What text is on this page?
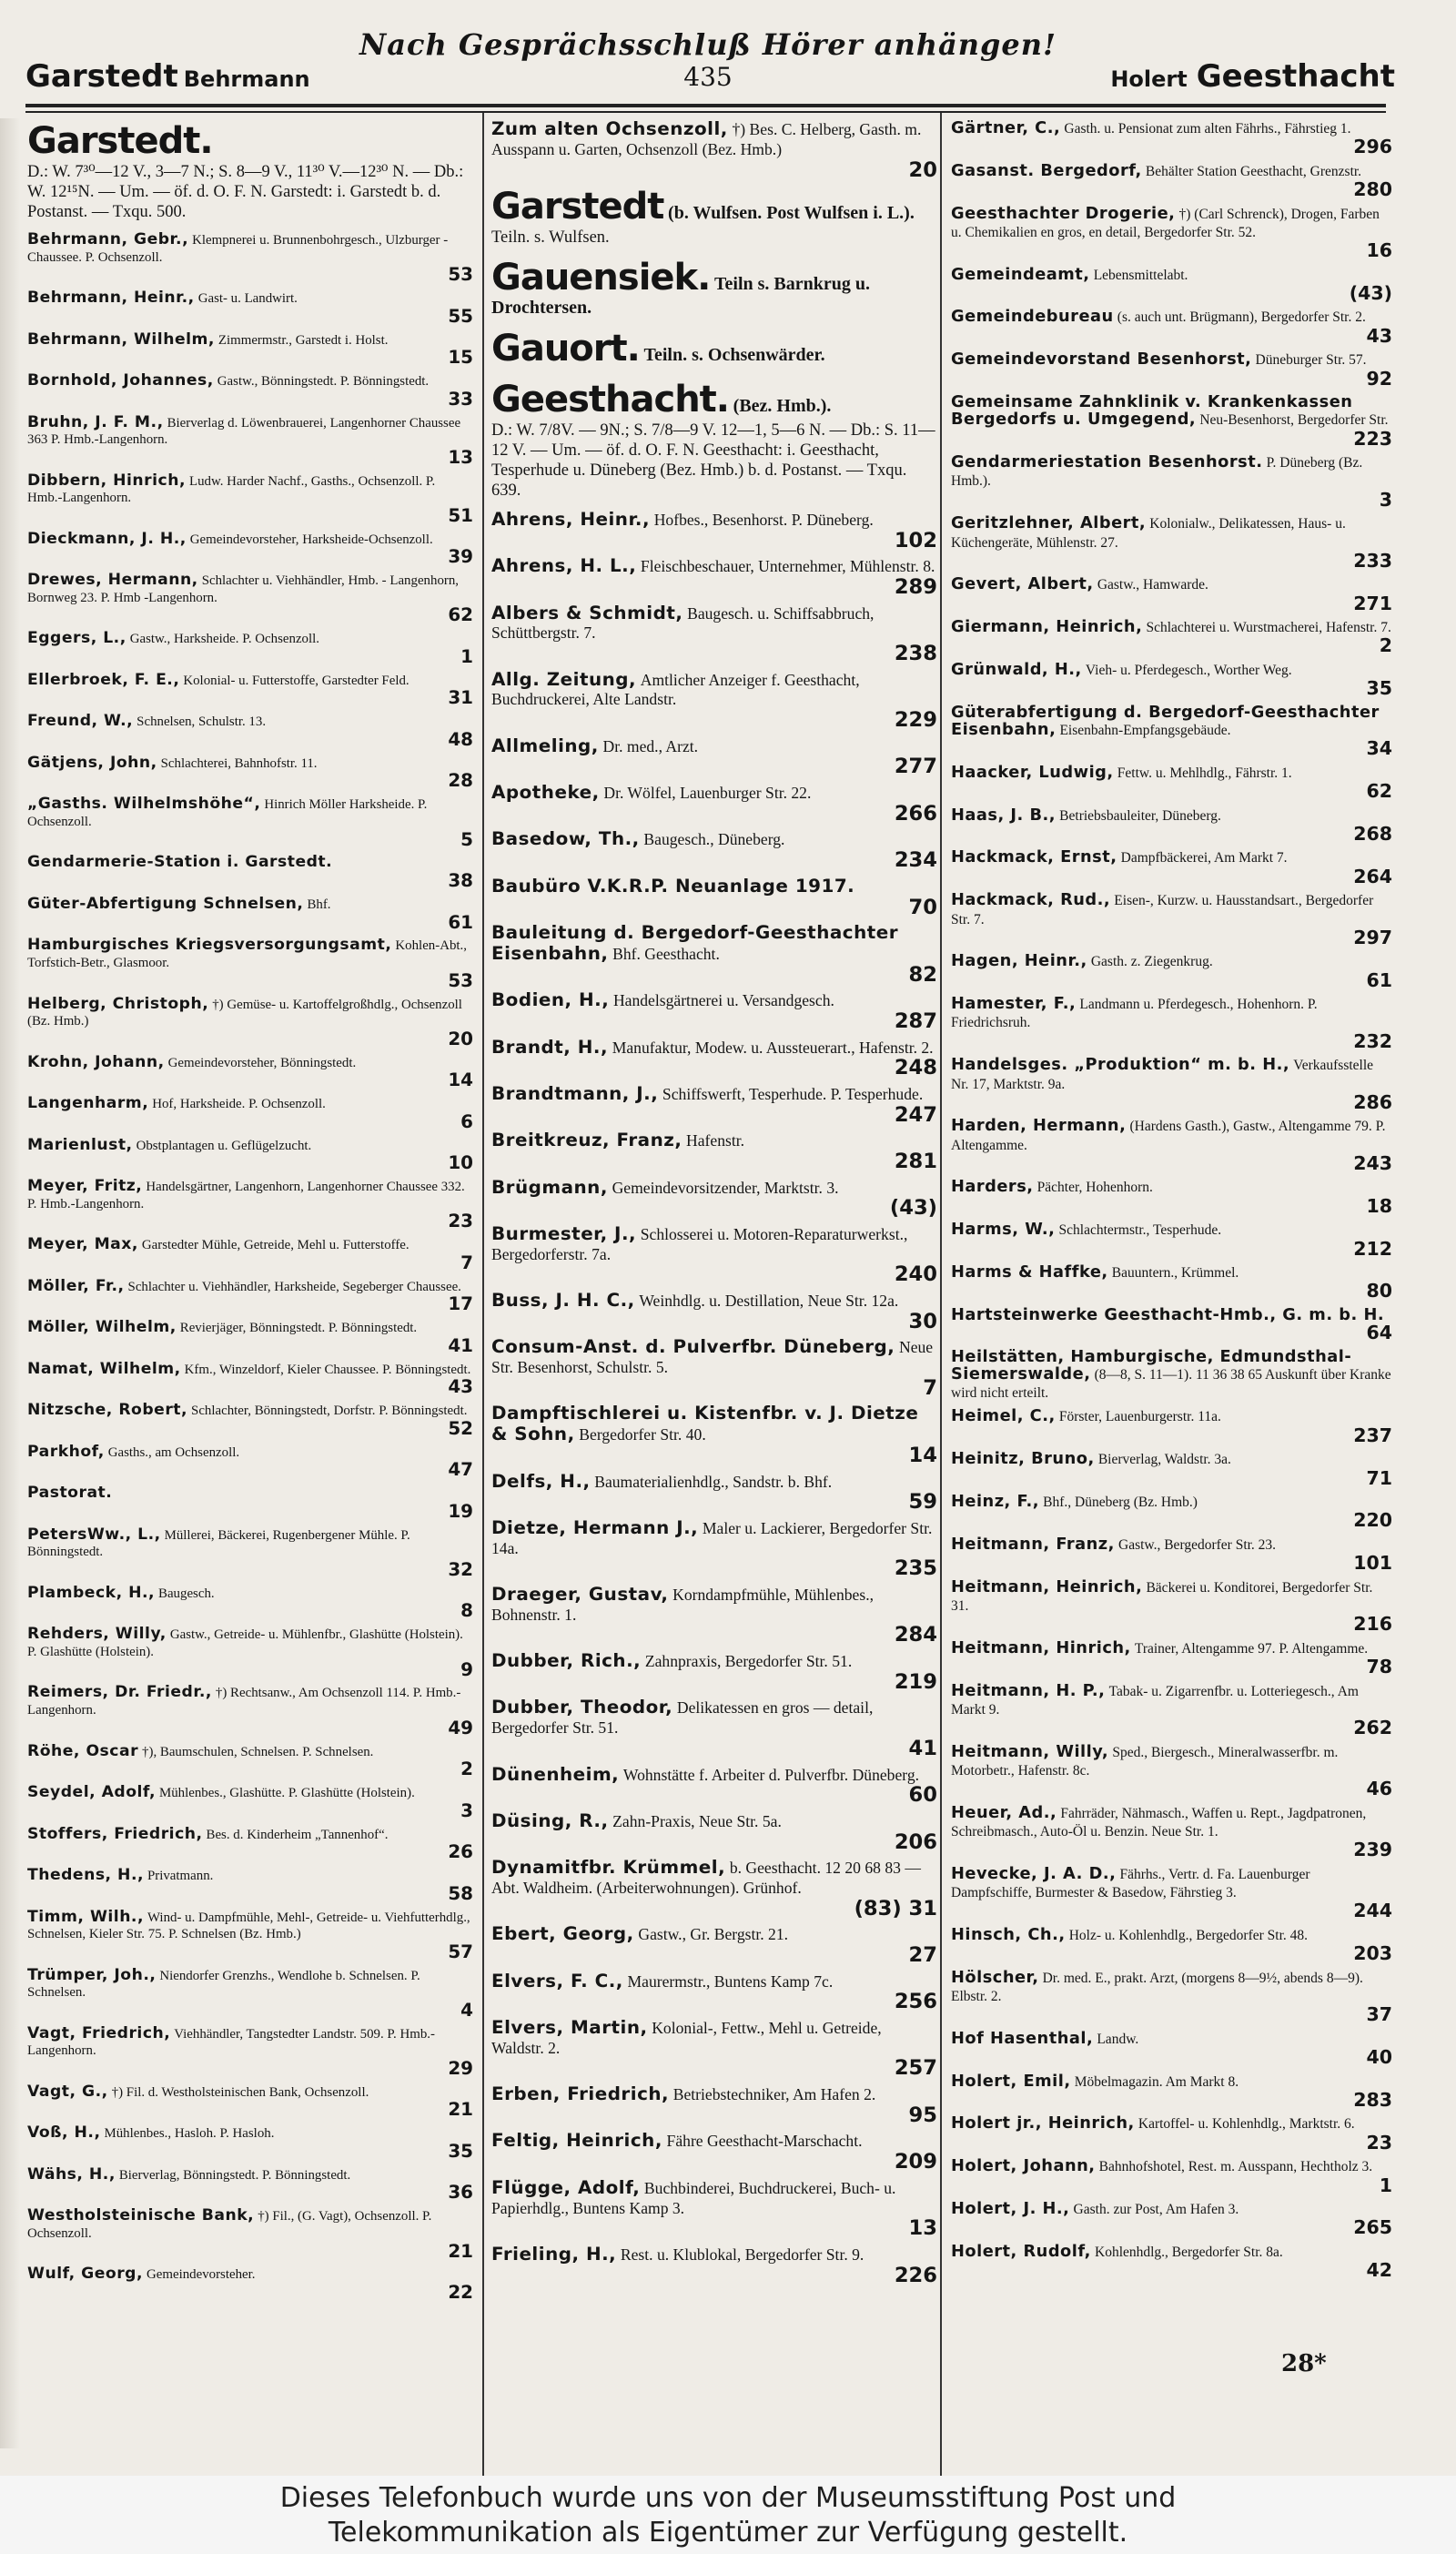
Nach Gesprächsschluß Hörer anhängen!
Garstedt Behrmann	435	Holert Geesthacht
Garstedt.
D.: W. 7³⁰—12 V., 3—7 N.; S. 8—9 V., 11³⁰ V.—12³⁰ N. — Db.: W. 12¹⁵N. — Um. — öf. d. O. F. N. Garstedt: i. Garstedt b. d. Postanst. — Txqu. 500.
Behrmann, Gebr., Klempnerei u. Brunnenbohrgesch., Ulzburger - Chaussee. P. Ochsenzoll.
53
Behrmann, Heinr., Gast- u. Landwirt.
55
Behrmann, Wilhelm, Zimmermstr., Garstedt i. Holst.
15
Bornhold, Johannes, Gastw., Bönningstedt. P. Bönningstedt.
33
Bruhn, J. F. M., Bierverlag d. Löwenbrauerei, Langenhorner Chaussee 363 P. Hmb.-Langenhorn.
13
Dibbern, Hinrich, Ludw. Harder Nachf., Gasths., Ochsenzoll. P. Hmb.-Langenhorn.
51
Dieckmann, J. H., Gemeindevorsteher, Harksheide-Ochsenzoll.
39
Drewes, Hermann, Schlachter u. Viehhändler, Hmb. - Langenhorn, Bornweg 23. P. Hmb -Langenhorn.
62
Eggers, L., Gastw., Harksheide. P. Ochsenzoll.
1
Ellerbroek, F. E., Kolonial- u. Futterstoffe, Garstedter Feld.
31
Freund, W., Schnelsen, Schulstr. 13.
48
Gätjens, John, Schlachterei, Bahnhofstr. 11.
28
„Gasths. Wilhelmshöhe“, Hinrich Möller Harksheide. P. Ochsenzoll.
5
Gendarmerie-Station i. Garstedt.
38
Güter-Abfertigung Schnelsen, Bhf.
61
Hamburgisches Kriegsversorgungsamt, Kohlen-Abt., Torfstich-Betr., Glasmoor.
53
Helberg, Christoph, †) Gemüse- u. Kartoffelgroßhdlg., Ochsenzoll (Bz. Hmb.)
20
Krohn, Johann, Gemeindevorsteher, Bönningstedt.
14
Langenharm, Hof, Harksheide. P. Ochsenzoll.
6
Marienlust, Obstplantagen u. Geflügelzucht.
10
Meyer, Fritz, Handelsgärtner, Langenhorn, Langenhorner Chaussee 332. P. Hmb.-Langenhorn.
23
Meyer, Max, Garstedter Mühle, Getreide, Mehl u. Futterstoffe.
7
Möller, Fr., Schlachter u. Viehhändler, Harksheide, Segeberger Chaussee.
17
Möller, Wilhelm, Revierjäger, Bönningstedt. P. Bönningstedt.
41
Namat, Wilhelm, Kfm., Winzeldorf, Kieler Chaussee. P. Bönningstedt.
43
Nitzsche, Robert, Schlachter, Bönningstedt, Dorfstr. P. Bönningstedt.
52
Parkhof, Gasths., am Ochsenzoll.
47
Pastorat.
19
PetersWw., L., Müllerei, Bäckerei, Rugenbergener Mühle. P. Bönningstedt.
32
Plambeck, H., Baugesch.
8
Rehders, Willy, Gastw., Getreide- u. Mühlenfbr., Glashütte (Holstein). P. Glashütte (Holstein).
9
Reimers, Dr. Friedr., †) Rechtsanw., Am Ochsenzoll 114. P. Hmb.-Langenhorn.
49
Röhe, Oscar †), Baumschulen, Schnelsen. P. Schnelsen.
2
Seydel, Adolf, Mühlenbes., Glashütte. P. Glashütte (Holstein).
3
Stoffers, Friedrich, Bes. d. Kinderheim „Tannenhof“.
26
Thedens, H., Privatmann.
58
Timm, Wilh., Wind- u. Dampfmühle, Mehl-, Getreide- u. Viehfutterhdlg., Schnelsen, Kieler Str. 75. P. Schnelsen (Bz. Hmb.)
57
Trümper, Joh., Niendorfer Grenzhs., Wendlohe b. Schnelsen. P. Schnelsen.
4
Vagt, Friedrich, Viehhändler, Tangstedter Landstr. 509. P. Hmb.-Langenhorn.
29
Vagt, G., †) Fil. d. Westholsteinischen Bank, Ochsenzoll.
21
Voß, H., Mühlenbes., Hasloh. P. Hasloh.
35
Wähs, H., Bierverlag, Bönningstedt. P. Bönningstedt.
36
Westholsteinische Bank, †) Fil., (G. Vagt), Ochsenzoll. P. Ochsenzoll.
21
Wulf, Georg, Gemeindevorsteher.
22
Zum alten Ochsenzoll, †) Bes. C. Helberg, Gasth. m. Ausspann u. Garten, Ochsenzoll (Bez. Hmb.)
20
Garstedt (b. Wulfsen. Post Wulfsen i. L.).
Teiln. s. Wulfsen.
Gauensiek. Teiln s. Barnkrug u. Drochtersen.
Gauort. Teiln. s. Ochsenwärder.
Geesthacht. (Bez. Hmb.).
D.: W. 7/8V. — 9N.; S. 7/8—9 V. 12—1, 5—6 N. — Db.: S. 11—12 V. — Um. — öf. d. O. F. N. Geesthacht: i. Geesthacht, Tesperhude u. Düneberg (Bez. Hmb.) b. d. Postanst. — Txqu. 639.
Ahrens, Heinr., Hofbes., Besenhorst. P. Düneberg.
102
Ahrens, H. L., Fleischbeschauer, Unternehmer, Mühlenstr. 8.
289
Albers & Schmidt, Baugesch. u. Schiffsabbruch, Schüttbergstr. 7.
238
Allg. Zeitung, Amtlicher Anzeiger f. Geesthacht, Buchdruckerei, Alte Landstr.
229
Allmeling, Dr. med., Arzt.
277
Apotheke, Dr. Wölfel, Lauenburger Str. 22.
266
Basedow, Th., Baugesch., Düneberg.
234
Baubüro V.K.R.P. Neuanlage 1917.
70
Bauleitung d. Bergedorf-Geesthachter Eisenbahn, Bhf. Geesthacht.
82
Bodien, H., Handelsgärtnerei u. Versandgesch.
287
Brandt, H., Manufaktur, Modew. u. Aussteuerart., Hafenstr. 2.
248
Brandtmann, J., Schiffswerft, Tesperhude. P. Tesperhude.
247
Breitkreuz, Franz, Hafenstr.
281
Brügmann, Gemeindevorsitzender, Marktstr. 3.
(43)
Burmester, J., Schlosserei u. Motoren-Reparaturwerkst., Bergedorferstr. 7a.
240
Buss, J. H. C., Weinhdlg. u. Destillation, Neue Str. 12a.
30
Consum-Anst. d. Pulverfbr. Düneberg, Neue Str. Besenhorst, Schulstr. 5.
7
Dampftischlerei u. Kistenfbr. v. J. Dietze & Sohn, Bergedorfer Str. 40.
14
Delfs, H., Baumaterialienhdlg., Sandstr. b. Bhf.
59
Dietze, Hermann J., Maler u. Lackierer, Bergedorfer Str. 14a.
235
Draeger, Gustav, Korndampfmühle, Mühlenbes., Bohnenstr. 1.
284
Dubber, Rich., Zahnpraxis, Bergedorfer Str. 51.
219
Dubber, Theodor, Delikatessen en gros — detail, Bergedorfer Str. 51.
41
Dünenheim, Wohnstätte f. Arbeiter d. Pulverfbr. Düneberg.
60
Düsing, R., Zahn-Praxis, Neue Str. 5a.
206
Dynamitfbr. Krümmel, b. Geesthacht. 12 20 68 83 — Abt. Waldheim. (Arbeiterwohnungen). Grünhof.
(83) 31
Ebert, Georg, Gastw., Gr. Bergstr. 21.
27
Elvers, F. C., Maurermstr., Buntens Kamp 7c.
256
Elvers, Martin, Kolonial-, Fettw., Mehl u. Getreide, Waldstr. 2.
257
Erben, Friedrich, Betriebstechniker, Am Hafen 2.
95
Feltig, Heinrich, Fähre Geesthacht-Marschacht.
209
Flügge, Adolf, Buchbinderei, Buchdruckerei, Buch- u. Papierhdlg., Buntens Kamp 3.
13
Frieling, H., Rest. u. Klublokal, Bergedorfer Str. 9.
226
Gärtner, C., Gasth. u. Pensionat zum alten Fährhs., Fährstieg 1.
296
Gasanst. Bergedorf, Behälter Station Geesthacht, Grenzstr.
280
Geesthachter Drogerie, †) (Carl Schrenck), Drogen, Farben u. Chemikalien en gros, en detail, Bergedorfer Str. 52.
16
Gemeindeamt, Lebensmittelabt.
(43)
Gemeindebureau (s. auch unt. Brügmann), Bergedorfer Str. 2.
43
Gemeindevorstand Besenhorst, Düneburger Str. 57.
92
Gemeinsame Zahnklinik v. Krankenkassen Bergedorfs u. Umgegend, Neu-Besenhorst, Bergedorfer Str.
223
Gendarmeriestation Besenhorst. P. Düneberg (Bz. Hmb.).
3
Geritzlehner, Albert, Kolonialw., Delikatessen, Haus- u. Küchengeräte, Mühlenstr. 27.
233
Gevert, Albert, Gastw., Hamwarde.
271
Giermann, Heinrich, Schlachterei u. Wurstmacherei, Hafenstr. 7.
2
Grünwald, H., Vieh- u. Pferdegesch., Worther Weg.
35
Güterabfertigung d. Bergedorf-Geesthachter Eisenbahn, Eisenbahn-Empfangsgebäude.
34
Haacker, Ludwig, Fettw. u. Mehlhdlg., Fährstr. 1.
62
Haas, J. B., Betriebsbauleiter, Düneberg.
268
Hackmack, Ernst, Dampfbäckerei, Am Markt 7.
264
Hackmack, Rud., Eisen-, Kurzw. u. Hausstandsart., Bergedorfer Str. 7.
297
Hagen, Heinr., Gasth. z. Ziegenkrug.
61
Hamester, F., Landmann u. Pferdegesch., Hohenhorn. P. Friedrichsruh.
232
Handelsges. „Produktion“ m. b. H., Verkaufsstelle Nr. 17, Marktstr. 9a.
286
Harden, Hermann, (Hardens Gasth.), Gastw., Altengamme 79. P. Altengamme.
243
Harders, Pächter, Hohenhorn.
18
Harms, W., Schlachtermstr., Tesperhude.
212
Harms & Haffke, Bauuntern., Krümmel.
80
Hartsteinwerke Geesthacht-Hmb., G. m. b. H.
64
Heilstätten, Hamburgische, Edmundsthal-Siemerswalde, (8—8, S. 11—1). 11 36 38 65 Auskunft über Kranke wird nicht erteilt.
Heimel, C., Förster, Lauenburgerstr. 11a.
237
Heinitz, Bruno, Bierverlag, Waldstr. 3a.
71
Heinz, F., Bhf., Düneberg (Bz. Hmb.)
220
Heitmann, Franz, Gastw., Bergedorfer Str. 23.
101
Heitmann, Heinrich, Bäckerei u. Konditorei, Bergedorfer Str. 31.
216
Heitmann, Hinrich, Trainer, Altengamme 97. P. Altengamme.
78
Heitmann, H. P., Tabak- u. Zigarrenfbr. u. Lotteriegesch., Am Markt 9.
262
Heitmann, Willy, Sped., Biergesch., Mineralwasserfbr. m. Motorbetr., Hafenstr. 8c.
46
Heuer, Ad., Fahrräder, Nähmasch., Waffen u. Rept., Jagdpatronen, Schreibmasch., Auto-Öl u. Benzin. Neue Str. 1.
239
Hevecke, J. A. D., Fährhs., Vertr. d. Fa. Lauenburger Dampfschiffe, Burmester & Basedow, Fährstieg 3.
244
Hinsch, Ch., Holz- u. Kohlenhdlg., Bergedorfer Str. 48.
203
Hölscher, Dr. med. E., prakt. Arzt, (morgens 8—9½, abends 8—9). Elbstr. 2.
37
Hof Hasenthal, Landw.
40
Holert, Emil, Möbelmagazin. Am Markt 8.
283
Holert jr., Heinrich, Kartoffel- u. Kohlenhdlg., Marktstr. 6.
23
Holert, Johann, Bahnhofshotel, Rest. m. Ausspann, Hechtholz 3.
1
Holert, J. H., Gasth. zur Post, Am Hafen 3.
265
Holert, Rudolf, Kohlenhdlg., Bergedorfer Str. 8a.
42
28*
Dieses Telefonbuch wurde uns von der Museumsstiftung Post und
Telekommunikation als Eigentümer zur Verfügung gestellt.
